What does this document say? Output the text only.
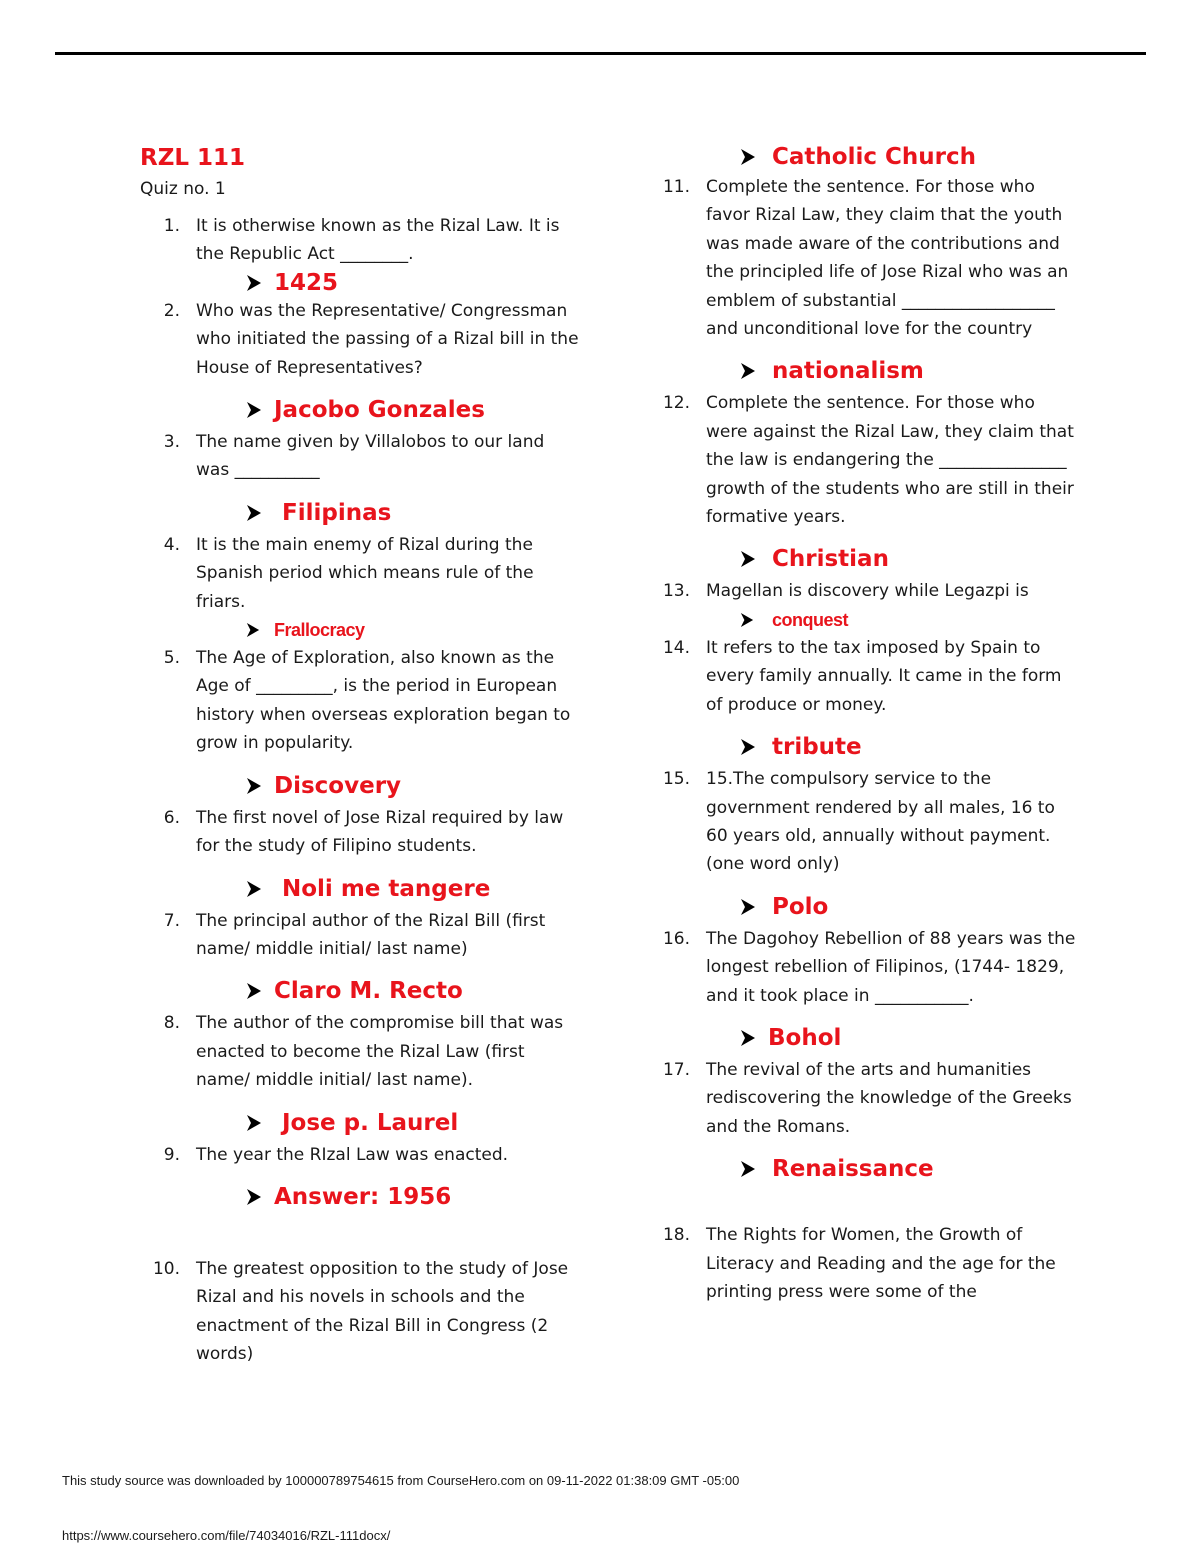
RZL 111

Quiz no. 1

1. It is otherwise known as the Rizal Law. It is the Republic Act ________.
1425
2. Who was the Representative/ Congressman who initiated the passing of a Rizal bill in the House of Representatives?
Jacobo Gonzales
3. The name given by Villalobos to our land was __________
Filipinas
4. It is the main enemy of Rizal during the Spanish period which means rule of the friars.
Frallocracy
5. The Age of Exploration, also known as the Age of _________, is the period in European history when overseas exploration began to grow in popularity.
Discovery
6. The first novel of Jose Rizal required by law for the study of Filipino students.
Noli me tangere
7. The principal author of the Rizal Bill (first name/ middle initial/ last name)
Claro M. Recto
8. The author of the compromise bill that was enacted to become the Rizal Law (first name/ middle initial/ last name).
Jose p. Laurel
9. The year the RIzal Law was enacted.
Answer: 1956
10. The greatest opposition to the study of Jose Rizal and his novels in schools and the enactment of the Rizal Bill in Congress (2 words)
Catholic Church
11. Complete the sentence. For those who favor Rizal Law, they claim that the youth was made aware of the contributions and the principled life of Jose Rizal who was an emblem of substantial __________________ and unconditional love for the country
nationalism
12. Complete the sentence. For those who were against the Rizal Law, they claim that the law is endangering the _______________ growth of the students who are still in their formative years.
Christian
13. Magellan is discovery while Legazpi is
conquest
14. It refers to the tax imposed by Spain to every family annually. It came in the form of produce or money.
tribute
15. 15.The compulsory service to the government rendered by all males, 16 to 60 years old, annually without payment. (one word only)
Polo
16. The Dagohoy Rebellion of 88 years was the longest rebellion of Filipinos, (1744- 1829, and it took place in ___________.
Bohol
17. The revival of the arts and humanities rediscovering the knowledge of the Greeks and the Romans.
Renaissance
18. The Rights for Women, the Growth of Literacy and Reading and the age for the printing press were some of the
This study source was downloaded by 100000789754615 from CourseHero.com on 09-11-2022 01:38:09 GMT -05:00
https://www.coursehero.com/file/74034016/RZL-111docx/
